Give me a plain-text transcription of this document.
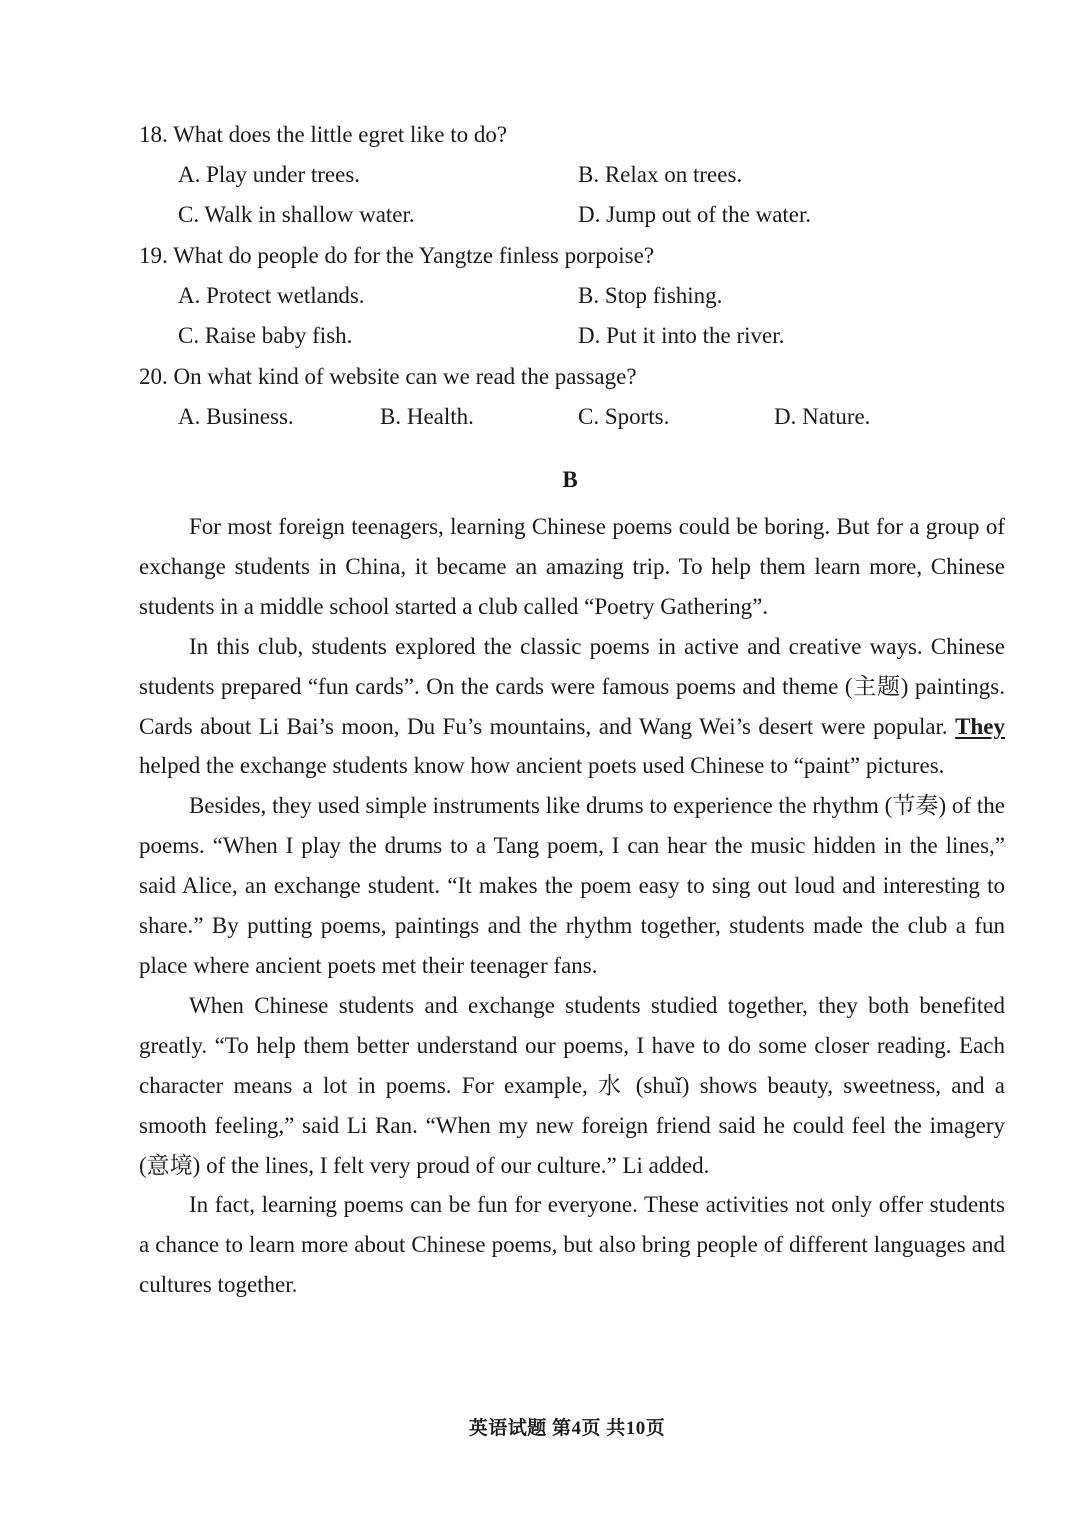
18. What does the little egret like to do?
A. Play under trees.	B. Relax on trees.
C. Walk in shallow water.	D. Jump out of the water.
19. What do people do for the Yangtze finless porpoise?
A. Protect wetlands.	B. Stop fishing.
C. Raise baby fish.	D. Put it into the river.
20. On what kind of website can we read the passage?
A. Business.	B. Health.	C. Sports.	D. Nature.
B

For most foreign teenagers, learning Chinese poems could be boring. But for a group of exchange students in China, it became an amazing trip. To help them learn more, Chinese students in a middle school started a club called “Poetry Gathering”.

In this club, students explored the classic poems in active and creative ways. Chinese students prepared “fun cards”. On the cards were famous poems and theme (主题) paintings. Cards about Li Bai’s moon, Du Fu’s mountains, and Wang Wei’s desert were popular. They helped the exchange students know how ancient poets used Chinese to “paint” pictures.

Besides, they used simple instruments like drums to experience the rhythm (节奏) of the poems. “When I play the drums to a Tang poem, I can hear the music hidden in the lines,” said Alice, an exchange student. “It makes the poem easy to sing out loud and interesting to share.” By putting poems, paintings and the rhythm together, students made the club a fun place where ancient poets met their teenager fans.

When Chinese students and exchange students studied together, they both benefited greatly. “To help them better understand our poems, I have to do some closer reading. Each character means a lot in poems. For example, 水 (shuǐ) shows beauty, sweetness, and a smooth feeling,” said Li Ran. “When my new foreign friend said he could feel the imagery (意境) of the lines, I felt very proud of our culture.” Li added.

In fact, learning poems can be fun for everyone. These activities not only offer students a chance to learn more about Chinese poems, but also bring people of different languages and cultures together.

英语试题 第4页 共10页
